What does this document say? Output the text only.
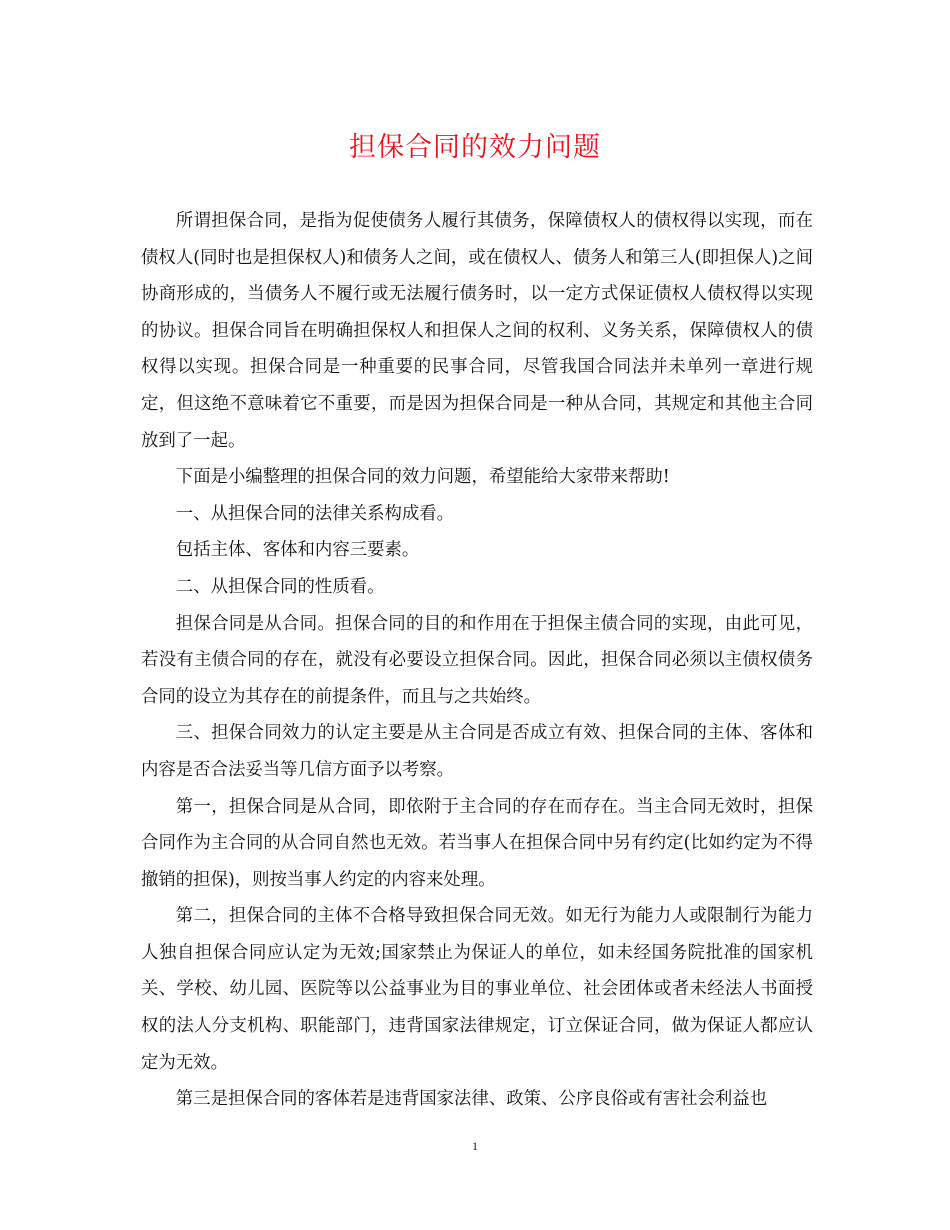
担保合同的效力问题

所谓担保合同，是指为促使债务人履行其债务，保障债权人的债权得以实现，而在债权人(同时也是担保权人)和债务人之间，或在债权人、债务人和第三人(即担保人)之间协商形成的，当债务人不履行或无法履行债务时，以一定方式保证债权人债权得以实现的协议。担保合同旨在明确担保权人和担保人之间的权利、义务关系，保障债权人的债权得以实现。担保合同是一种重要的民事合同，尽管我国合同法并未单列一章进行规定，但这绝不意味着它不重要，而是因为担保合同是一种从合同，其规定和其他主合同放到了一起。

下面是小编整理的担保合同的效力问题，希望能给大家带来帮助!

一、从担保合同的法律关系构成看。

包括主体、客体和内容三要素。

二、从担保合同的性质看。

担保合同是从合同。担保合同的目的和作用在于担保主债合同的实现，由此可见，若没有主债合同的存在，就没有必要设立担保合同。因此，担保合同必须以主债权债务合同的设立为其存在的前提条件，而且与之共始终。

三、担保合同效力的认定主要是从主合同是否成立有效、担保合同的主体、客体和内容是否合法妥当等几信方面予以考察。

第一，担保合同是从合同，即依附于主合同的存在而存在。当主合同无效时，担保合同作为主合同的从合同自然也无效。若当事人在担保合同中另有约定(比如约定为不得撤销的担保)，则按当事人约定的内容来处理。

第二，担保合同的主体不合格导致担保合同无效。如无行为能力人或限制行为能力人独自担保合同应认定为无效;国家禁止为保证人的单位，如未经国务院批准的国家机关、学校、幼儿园、医院等以公益事业为目的事业单位、社会团体或者未经法人书面授权的法人分支机构、职能部门，违背国家法律规定，订立保证合同，做为保证人都应认定为无效。

第三是担保合同的客体若是违背国家法律、政策、公序良俗或有害社会利益也

1
